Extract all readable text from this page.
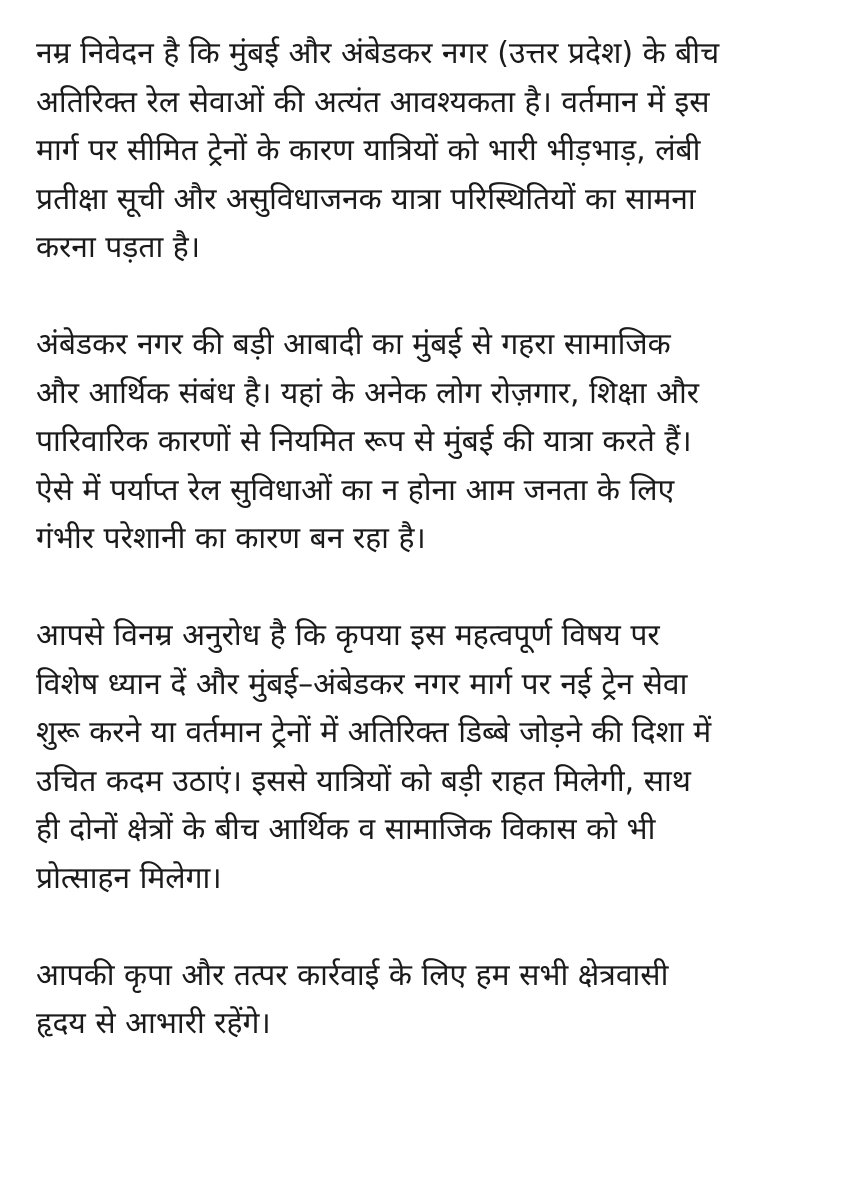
नम्र निवेदन है कि मुंबई और अंबेडकर नगर (उत्तर प्रदेश) के बीच
अतिरिक्त रेल सेवाओं की अत्यंत आवश्यकता है। वर्तमान में इस
मार्ग पर सीमित ट्रेनों के कारण यात्रियों को भारी भीड़भाड़, लंबी
प्रतीक्षा सूची और असुविधाजनक यात्रा परिस्थितियों का सामना
करना पड़ता है।
अंबेडकर नगर की बड़ी आबादी का मुंबई से गहरा सामाजिक
और आर्थिक संबंध है। यहां के अनेक लोग रोज़गार, शिक्षा और
पारिवारिक कारणों से नियमित रूप से मुंबई की यात्रा करते हैं।
ऐसे में पर्याप्त रेल सुविधाओं का न होना आम जनता के लिए
गंभीर परेशानी का कारण बन रहा है।
आपसे विनम्र अनुरोध है कि कृपया इस महत्वपूर्ण विषय पर
विशेष ध्यान दें और मुंबई–अंबेडकर नगर मार्ग पर नई ट्रेन सेवा
शुरू करने या वर्तमान ट्रेनों में अतिरिक्त डिब्बे जोड़ने की दिशा में
उचित कदम उठाएं। इससे यात्रियों को बड़ी राहत मिलेगी, साथ
ही दोनों क्षेत्रों के बीच आर्थिक व सामाजिक विकास को भी
प्रोत्साहन मिलेगा।
आपकी कृपा और तत्पर कार्रवाई के लिए हम सभी क्षेत्रवासी
हृदय से आभारी रहेंगे।
